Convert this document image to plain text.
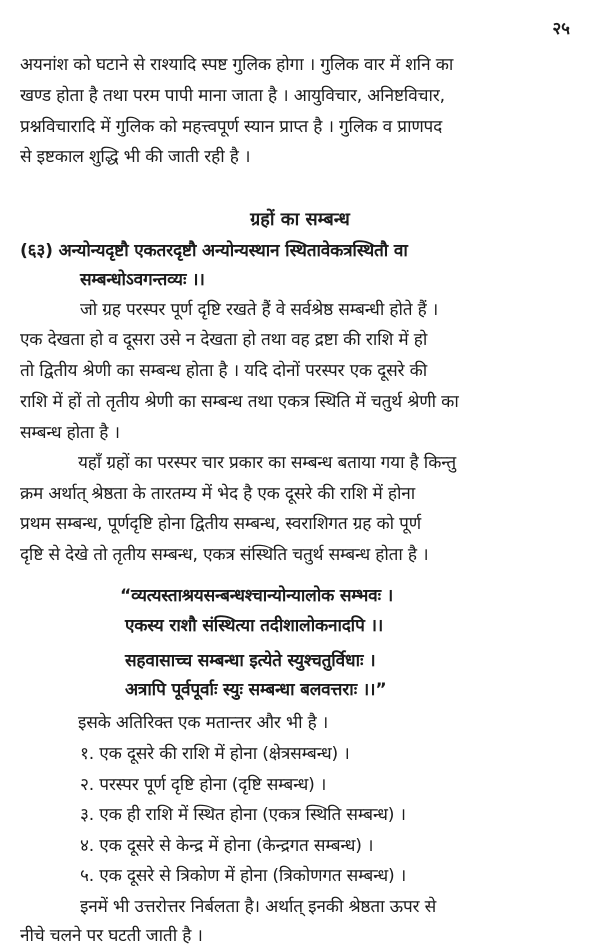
२५
अयनांश को घटाने से राश्यादि स्पष्ट गुलिक होगा । गुलिक वार में शनि का
खण्ड होता है तथा परम पापी माना जाता है । आयुविचार, अनिष्टविचार,
प्रश्नविचारादि में गुलिक को महत्त्वपूर्ण स्यान प्राप्त है । गुलिक व प्राणपद
से इष्टकाल शुद्धि भी की जाती रही है ।
ग्रहों का सम्बन्ध
(६३) अन्योन्यदृष्टौ एकतरदृष्टौ अन्योन्यस्थान स्थितावेकत्रस्थितौ वा
सम्बन्धोऽवगन्तव्यः ।।
जो ग्रह परस्पर पूर्ण दृष्टि रखते हैं वे सर्वश्रेष्ठ सम्बन्धी होते हैं ।
एक देखता हो व दूसरा उसे न देखता हो तथा वह द्रष्टा की राशि में हो
तो द्वितीय श्रेणी का सम्बन्ध होता है । यदि दोनों परस्पर एक दूसरे की
राशि में हों तो तृतीय श्रेणी का सम्बन्ध तथा एकत्र स्थिति में चतुर्थ श्रेणी का
सम्बन्ध होता है ।
यहाँ ग्रहों का परस्पर चार प्रकार का सम्बन्ध बताया गया है किन्तु
क्रम अर्थात् श्रेष्ठता के तारतम्य में भेद है एक दूसरे की राशि में होना
प्रथम सम्बन्ध, पूर्णदृष्टि होना द्वितीय सम्बन्ध, स्वराशिगत ग्रह को पूर्ण
दृष्टि से देखे तो तृतीय सम्बन्ध, एकत्र संस्थिति चतुर्थ सम्बन्ध होता है ।
“व्यत्यस्ताश्रयसन्बन्धश्चान्योन्यालोक सम्भवः ।
एकस्य राशौ संस्थित्या तदीशालोकनादपि ।।
सहवासाच्च सम्बन्धा इत्येते स्युश्चतुर्विधाः ।
अत्रापि पूर्वपूर्वाः स्युः सम्बन्धा बलवत्तराः ।।”
इसके अतिरिक्त एक मतान्तर और भी है ।
१. एक दूसरे की राशि में होना (क्षेत्रसम्बन्ध) ।
२. परस्पर पूर्ण दृष्टि होना (दृष्टि सम्बन्ध) ।
३. एक ही राशि में स्थित होना (एकत्र स्थिति सम्बन्ध) ।
४. एक दूसरे से केन्द्र में होना (केन्द्रगत सम्बन्ध) ।
५. एक दूसरे से त्रिकोण में होना (त्रिकोणगत सम्बन्ध) ।
इनमें भी उत्तरोत्तर निर्बलता है। अर्थात् इनकी श्रेष्ठता ऊपर से
नीचे चलने पर घटती जाती है ।
